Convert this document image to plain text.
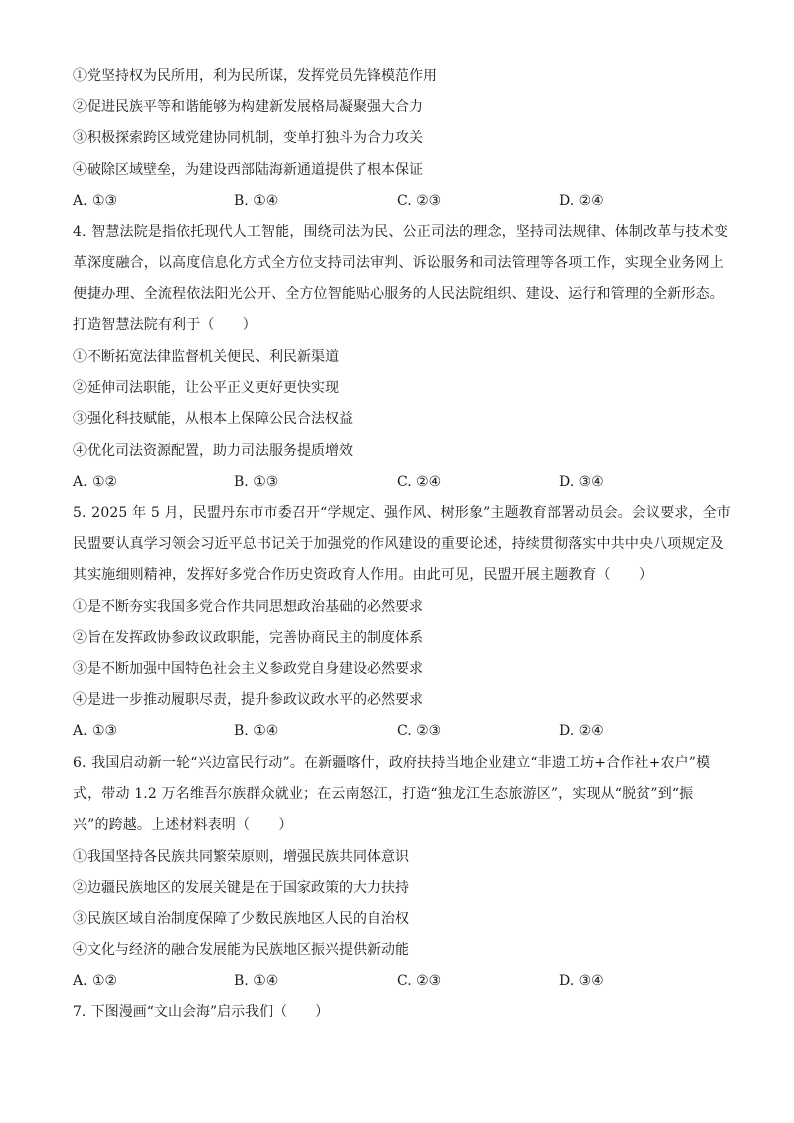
①党坚持权为民所用，利为民所谋，发挥党员先锋模范作用
②促进民族平等和谐能够为构建新发展格局凝聚强大合力
③积极探索跨区域党建协同机制，变单打独斗为合力攻关
④破除区域壁垒，为建设西部陆海新通道提供了根本保证
A. ①③	B. ①④	C. ②③	D. ②④
4. 智慧法院是指依托现代人工智能，围绕司法为民、公正司法的理念，坚持司法规律、体制改革与技术变
革深度融合，以高度信息化方式全方位支持司法审判、诉讼服务和司法管理等各项工作，实现全业务网上
便捷办理、全流程依法阳光公开、全方位智能贴心服务的人民法院组织、建设、运行和管理的全新形态。
打造智慧法院有利于（　　）
①不断拓宽法律监督机关便民、利民新渠道
②延伸司法职能，让公平正义更好更快实现
③强化科技赋能，从根本上保障公民合法权益
④优化司法资源配置，助力司法服务提质增效
A. ①②	B. ①③	C. ②④	D. ③④
5. 2025 年 5 月，民盟丹东市市委召开“学规定、强作风、树形象”主题教育部署动员会。会议要求，全市
民盟要认真学习领会习近平总书记关于加强党的作风建设的重要论述，持续贯彻落实中共中央八项规定及
其实施细则精神，发挥好多党合作历史资政育人作用。由此可见，民盟开展主题教育（　　）
①是不断夯实我国多党合作共同思想政治基础的必然要求
②旨在发挥政协参政议政职能，完善协商民主的制度体系
③是不断加强中国特色社会主义参政党自身建设必然要求
④是进一步推动履职尽责，提升参政议政水平的必然要求
A. ①③	B. ①④	C. ②③	D. ②④
6. 我国启动新一轮“兴边富民行动”。在新疆喀什，政府扶持当地企业建立“非遗工坊+合作社+农户”模
式，带动 1.2 万名维吾尔族群众就业；在云南怒江，打造“独龙江生态旅游区”，实现从“脱贫”到“振
兴”的跨越。上述材料表明（　　）
①我国坚持各民族共同繁荣原则，增强民族共同体意识
②边疆民族地区的发展关键是在于国家政策的大力扶持
③民族区域自治制度保障了少数民族地区人民的自治权
④文化与经济的融合发展能为民族地区振兴提供新动能
A. ①②	B. ①④	C. ②③	D. ③④
7. 下图漫画“文山会海”启示我们（　　）
